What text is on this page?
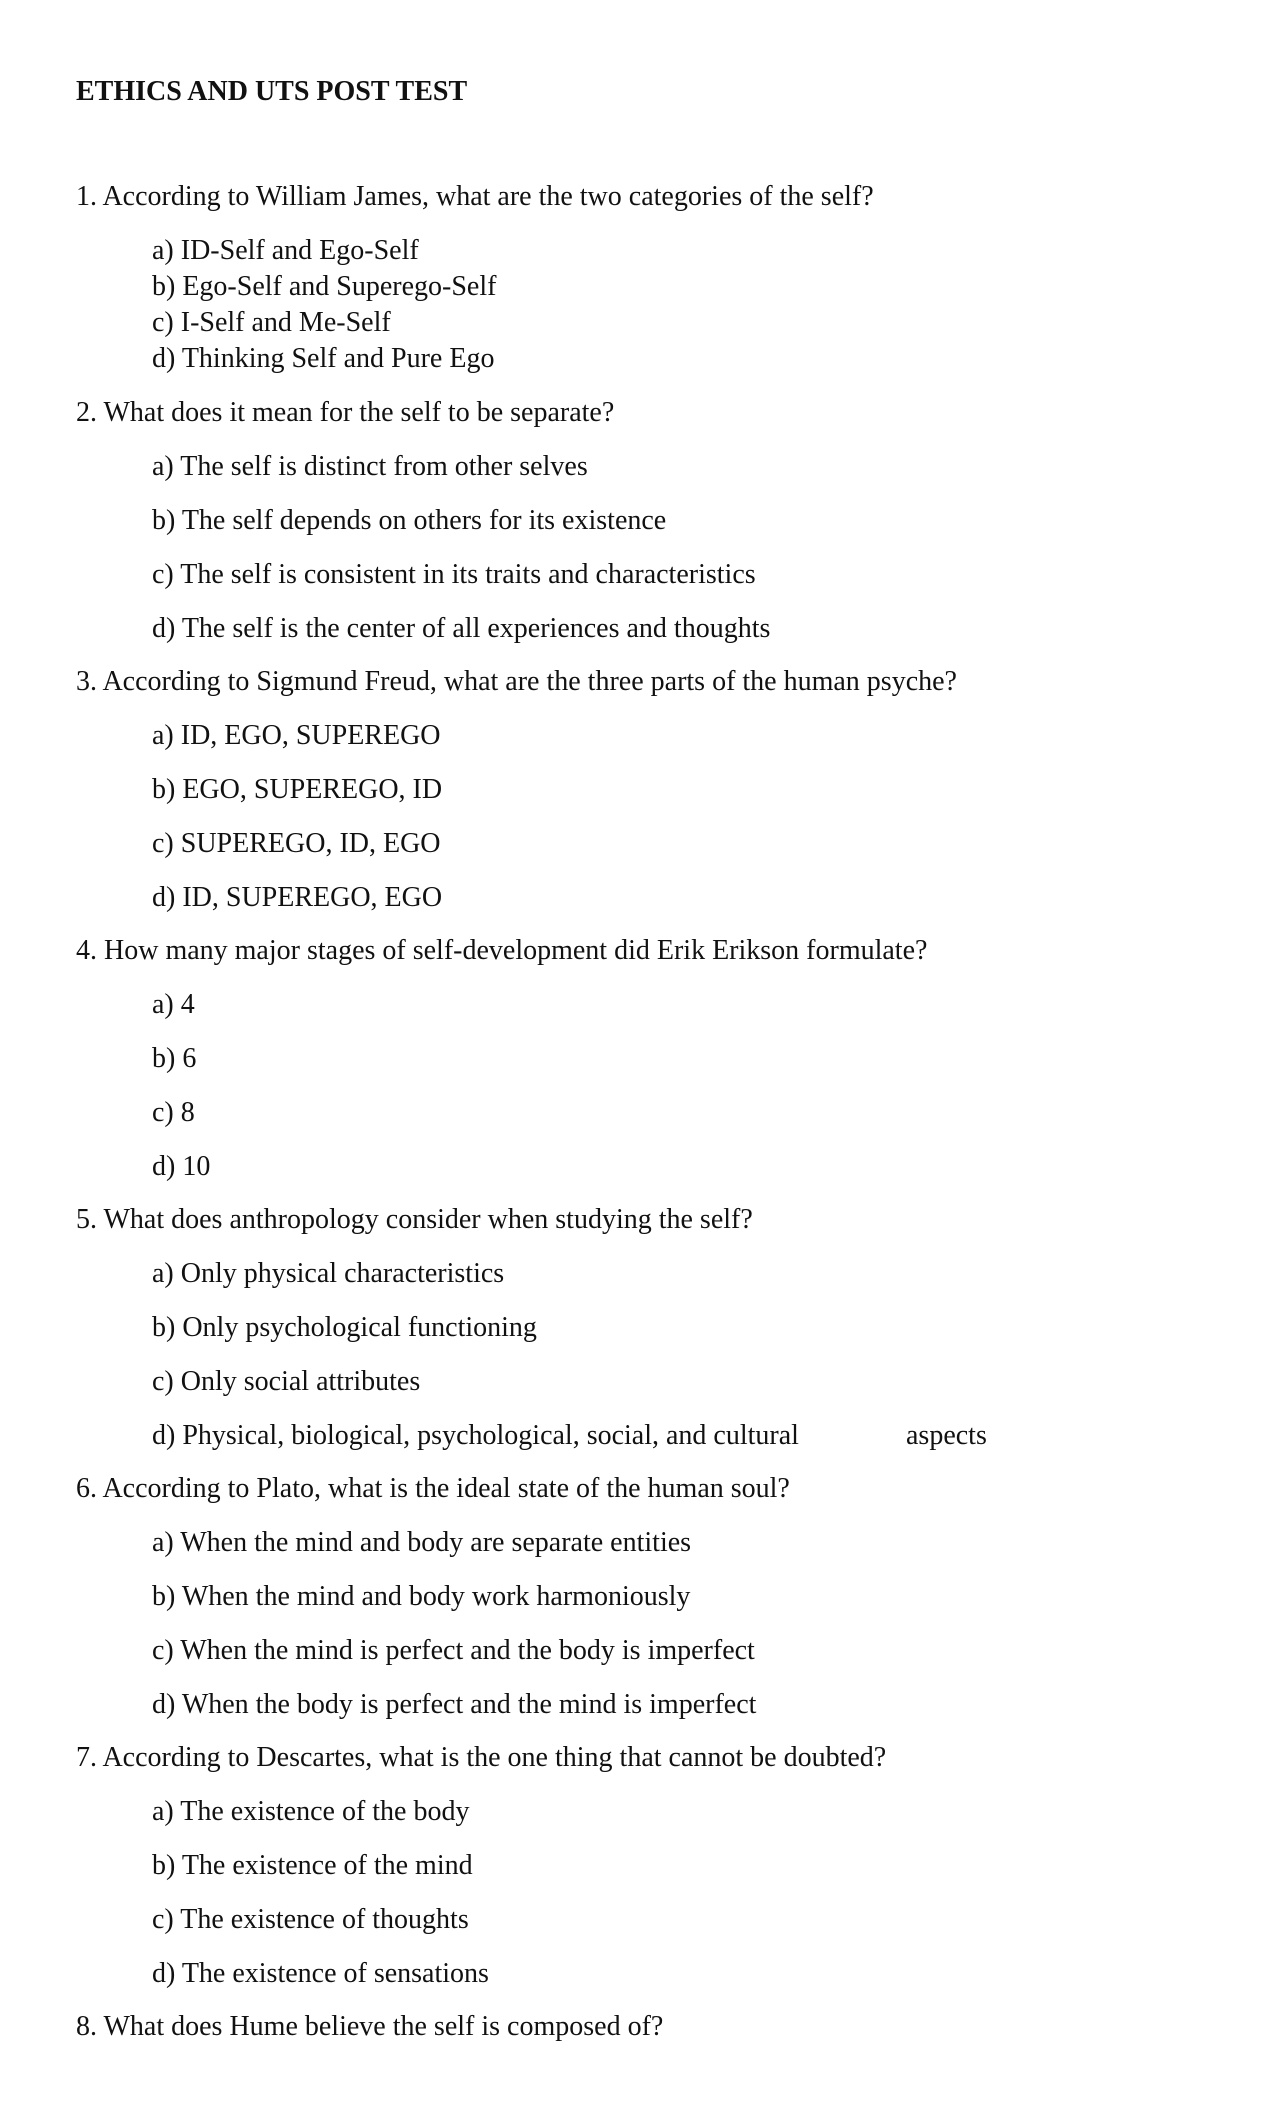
ETHICS AND UTS POST TEST
1. According to William James, what are the two categories of the self?
a) ID-Self and Ego-Self
b) Ego-Self and Superego-Self
c) I-Self and Me-Self
d) Thinking Self and Pure Ego
2. What does it mean for the self to be separate?
a) The self is distinct from other selves
b) The self depends on others for its existence
c) The self is consistent in its traits and characteristics
d) The self is the center of all experiences and thoughts
3. According to Sigmund Freud, what are the three parts of the human psyche?
a) ID, EGO, SUPEREGO
b) EGO, SUPEREGO, ID
c) SUPEREGO, ID, EGO
d) ID, SUPEREGO, EGO
4. How many major stages of self-development did Erik Erikson formulate?
a) 4
b) 6
c) 8
d) 10
5. What does anthropology consider when studying the self?
a) Only physical characteristics
b) Only psychological functioning
c) Only social attributes
d) Physical, biological, psychological, social, and cultural	aspects
6. According to Plato, what is the ideal state of the human soul?
a) When the mind and body are separate entities
b) When the mind and body work harmoniously
c) When the mind is perfect and the body is imperfect
d) When the body is perfect and the mind is imperfect
7. According to Descartes, what is the one thing that cannot be doubted?
a) The existence of the body
b) The existence of the mind
c) The existence of thoughts
d) The existence of sensations
8. What does Hume believe the self is composed of?
